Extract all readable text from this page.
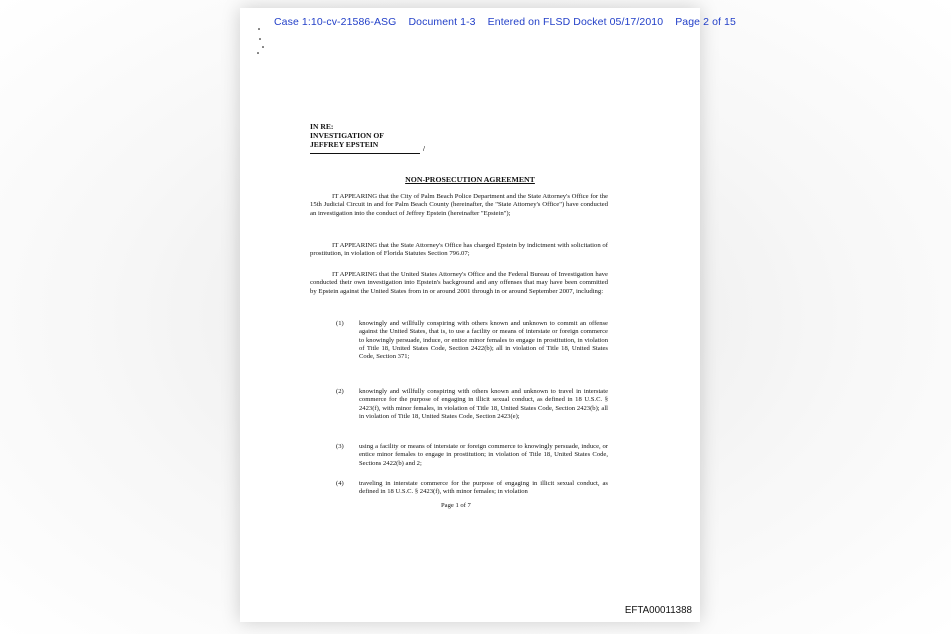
Case 1:10-cv-21586-ASG Document 1-3 Entered on FLSD Docket 05/17/2010 Page 2 of 15
IN RE:
INVESTIGATION OF
JEFFREY EPSTEIN
/
NON-PROSECUTION AGREEMENT

IT APPEARING that the City of Palm Beach Police Department and the State Attorney's Office for the 15th Judicial Circuit in and for Palm Beach County (hereinafter, the "State Attorney's Office") have conducted an investigation into the conduct of Jeffrey Epstein (hereinafter "Epstein");

IT APPEARING that the State Attorney's Office has charged Epstein by indictment with solicitation of prostitution, in violation of Florida Statutes Section 796.07;

IT APPEARING that the United States Attorney's Office and the Federal Bureau of Investigation have conducted their own investigation into Epstein's background and any offenses that may have been committed by Epstein against the United States from in or around 2001 through in or around September 2007, including:

(1) knowingly and willfully conspiring with others known and unknown to commit an offense against the United States, that is, to use a facility or means of interstate or foreign commerce to knowingly persuade, induce, or entice minor females to engage in prostitution, in violation of Title 18, United States Code, Section 2422(b); all in violation of Title 18, United States Code, Section 371;
(2) knowingly and willfully conspiring with others known and unknown to travel in interstate commerce for the purpose of engaging in illicit sexual conduct, as defined in 18 U.S.C. § 2423(f), with minor females, in violation of Title 18, United States Code, Section 2423(b); all in violation of Title 18, United States Code, Section 2423(e);
(3) using a facility or means of interstate or foreign commerce to knowingly persuade, induce, or entice minor females to engage in prostitution; in violation of Title 18, United States Code, Sections 2422(b) and 2;
(4) traveling in interstate commerce for the purpose of engaging in illicit sexual conduct, as defined in 18 U.S.C. § 2423(f), with minor females; in violation
Page 1 of 7
EFTA00011388
